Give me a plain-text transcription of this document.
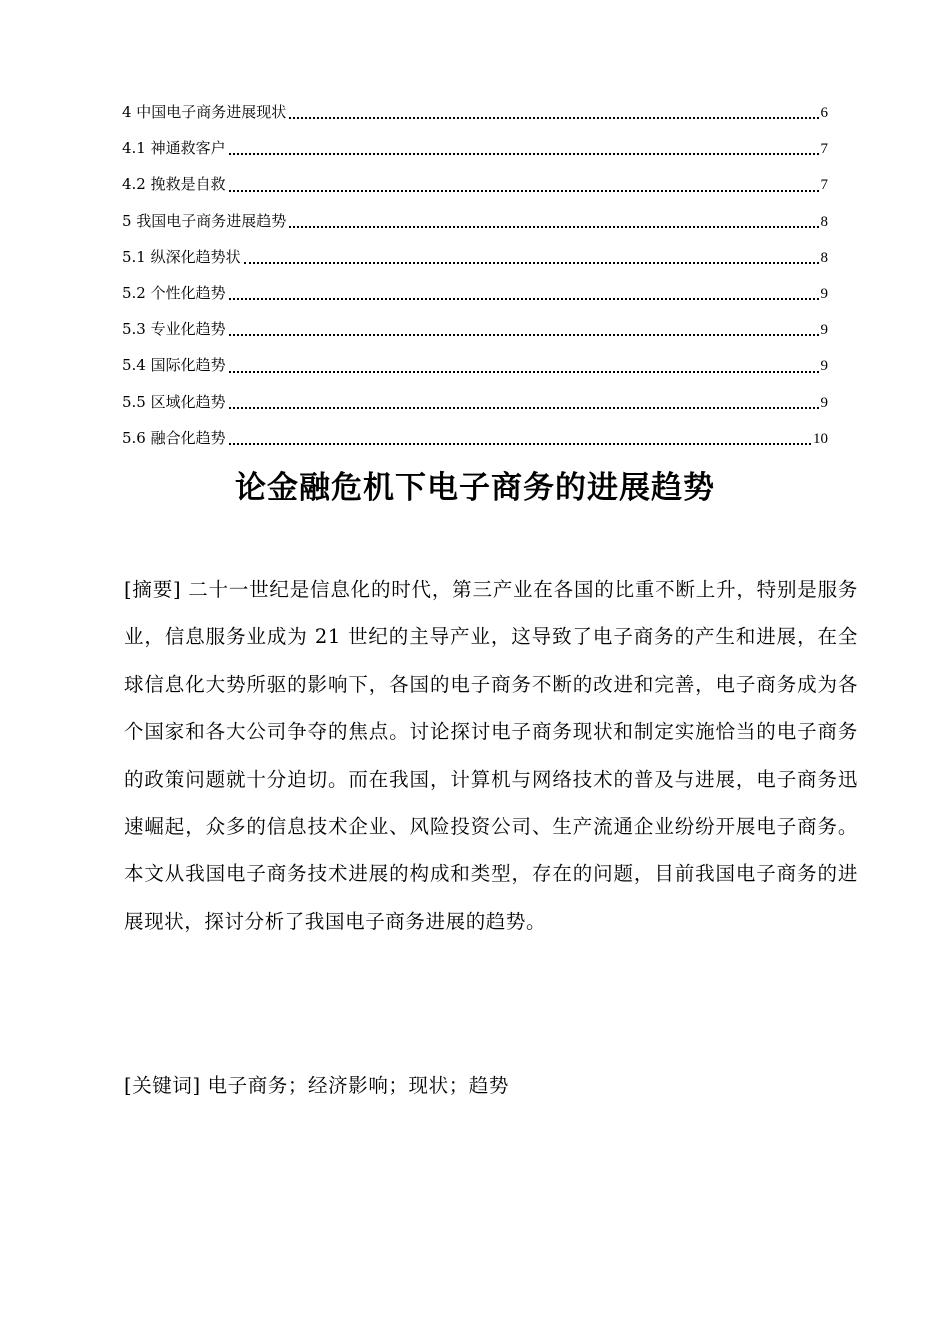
4 中国电子商务进展现状	6
4.1 神通救客户	7
4.2 挽救是自救	7
5 我国电子商务进展趋势	8
5.1 纵深化趋势状	8
5.2 个性化趋势	9
5.3 专业化趋势	9
5.4 国际化趋势	9
5.5 区域化趋势	9
5.6 融合化趋势	10
论金融危机下电子商务的进展趋势

[摘要] 二十一世纪是信息化的时代，第三产业在各国的比重不断上升，特别是服务业，信息服务业成为 21 世纪的主导产业，这导致了电子商务的产生和进展，在全球信息化大势所驱的影响下，各国的电子商务不断的改进和完善，电子商务成为各个国家和各大公司争夺的焦点。讨论探讨电子商务现状和制定实施恰当的电子商务的政策问题就十分迫切。而在我国，计算机与网络技术的普及与进展，电子商务迅速崛起，众多的信息技术企业、风险投资公司、生产流通企业纷纷开展电子商务。 本文从我国电子商务技术进展的构成和类型，存在的问题，目前我国电子商务的进展现状，探讨分析了我国电子商务进展的趋势。

[关键词] 电子商务；经济影响；现状；趋势
